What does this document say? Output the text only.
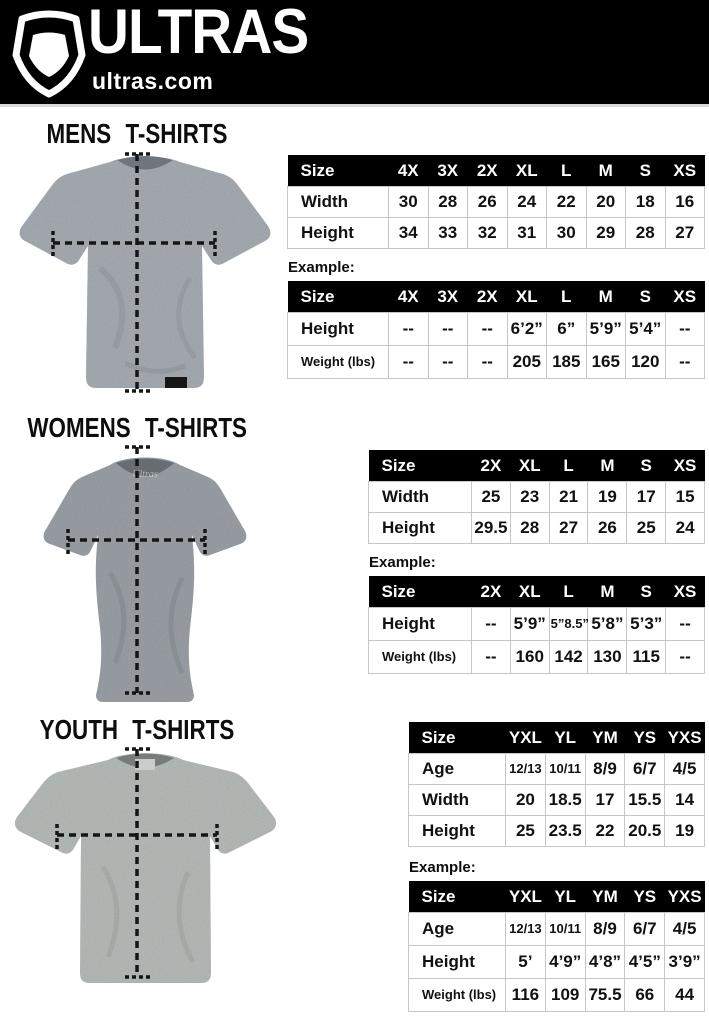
ULTRAS
ultras.com
MENS T-SHIRTS
WOMENS T-SHIRTS
YOUTH T-SHIRTS
Ultras
Size	4X	3X	2X	XL	L	M	S	XS
Width	30	28	26	24	22	20	18	16
Height	34	33	32	31	30	29	28	27
Example:
Size	4X	3X	2X	XL	L	M	S	XS
Height	--	--	--	6’2”	6”	5’9”	5’4”	--
Weight (lbs)	--	--	--	205	185	165	120	--
Size	2X	XL	L	M	S	XS
Width	25	23	21	19	17	15
Height	29.5	28	27	26	25	24
Example:
Size	2X	XL	L	M	S	XS
Height	--	5’9”	5”8.5”	5’8”	5’3”	--
Weight (lbs)	--	160	142	130	115	--
Size	YXL	YL	YM	YS	YXS
Age	12/13	10/11	8/9	6/7	4/5
Width	20	18.5	17	15.5	14
Height	25	23.5	22	20.5	19
Example:
Size	YXL	YL	YM	YS	YXS
Age	12/13	10/11	8/9	6/7	4/5
Height	5’	4’9”	4’8”	4’5”	3’9”
Weight (lbs)	116	109	75.5	66	44
